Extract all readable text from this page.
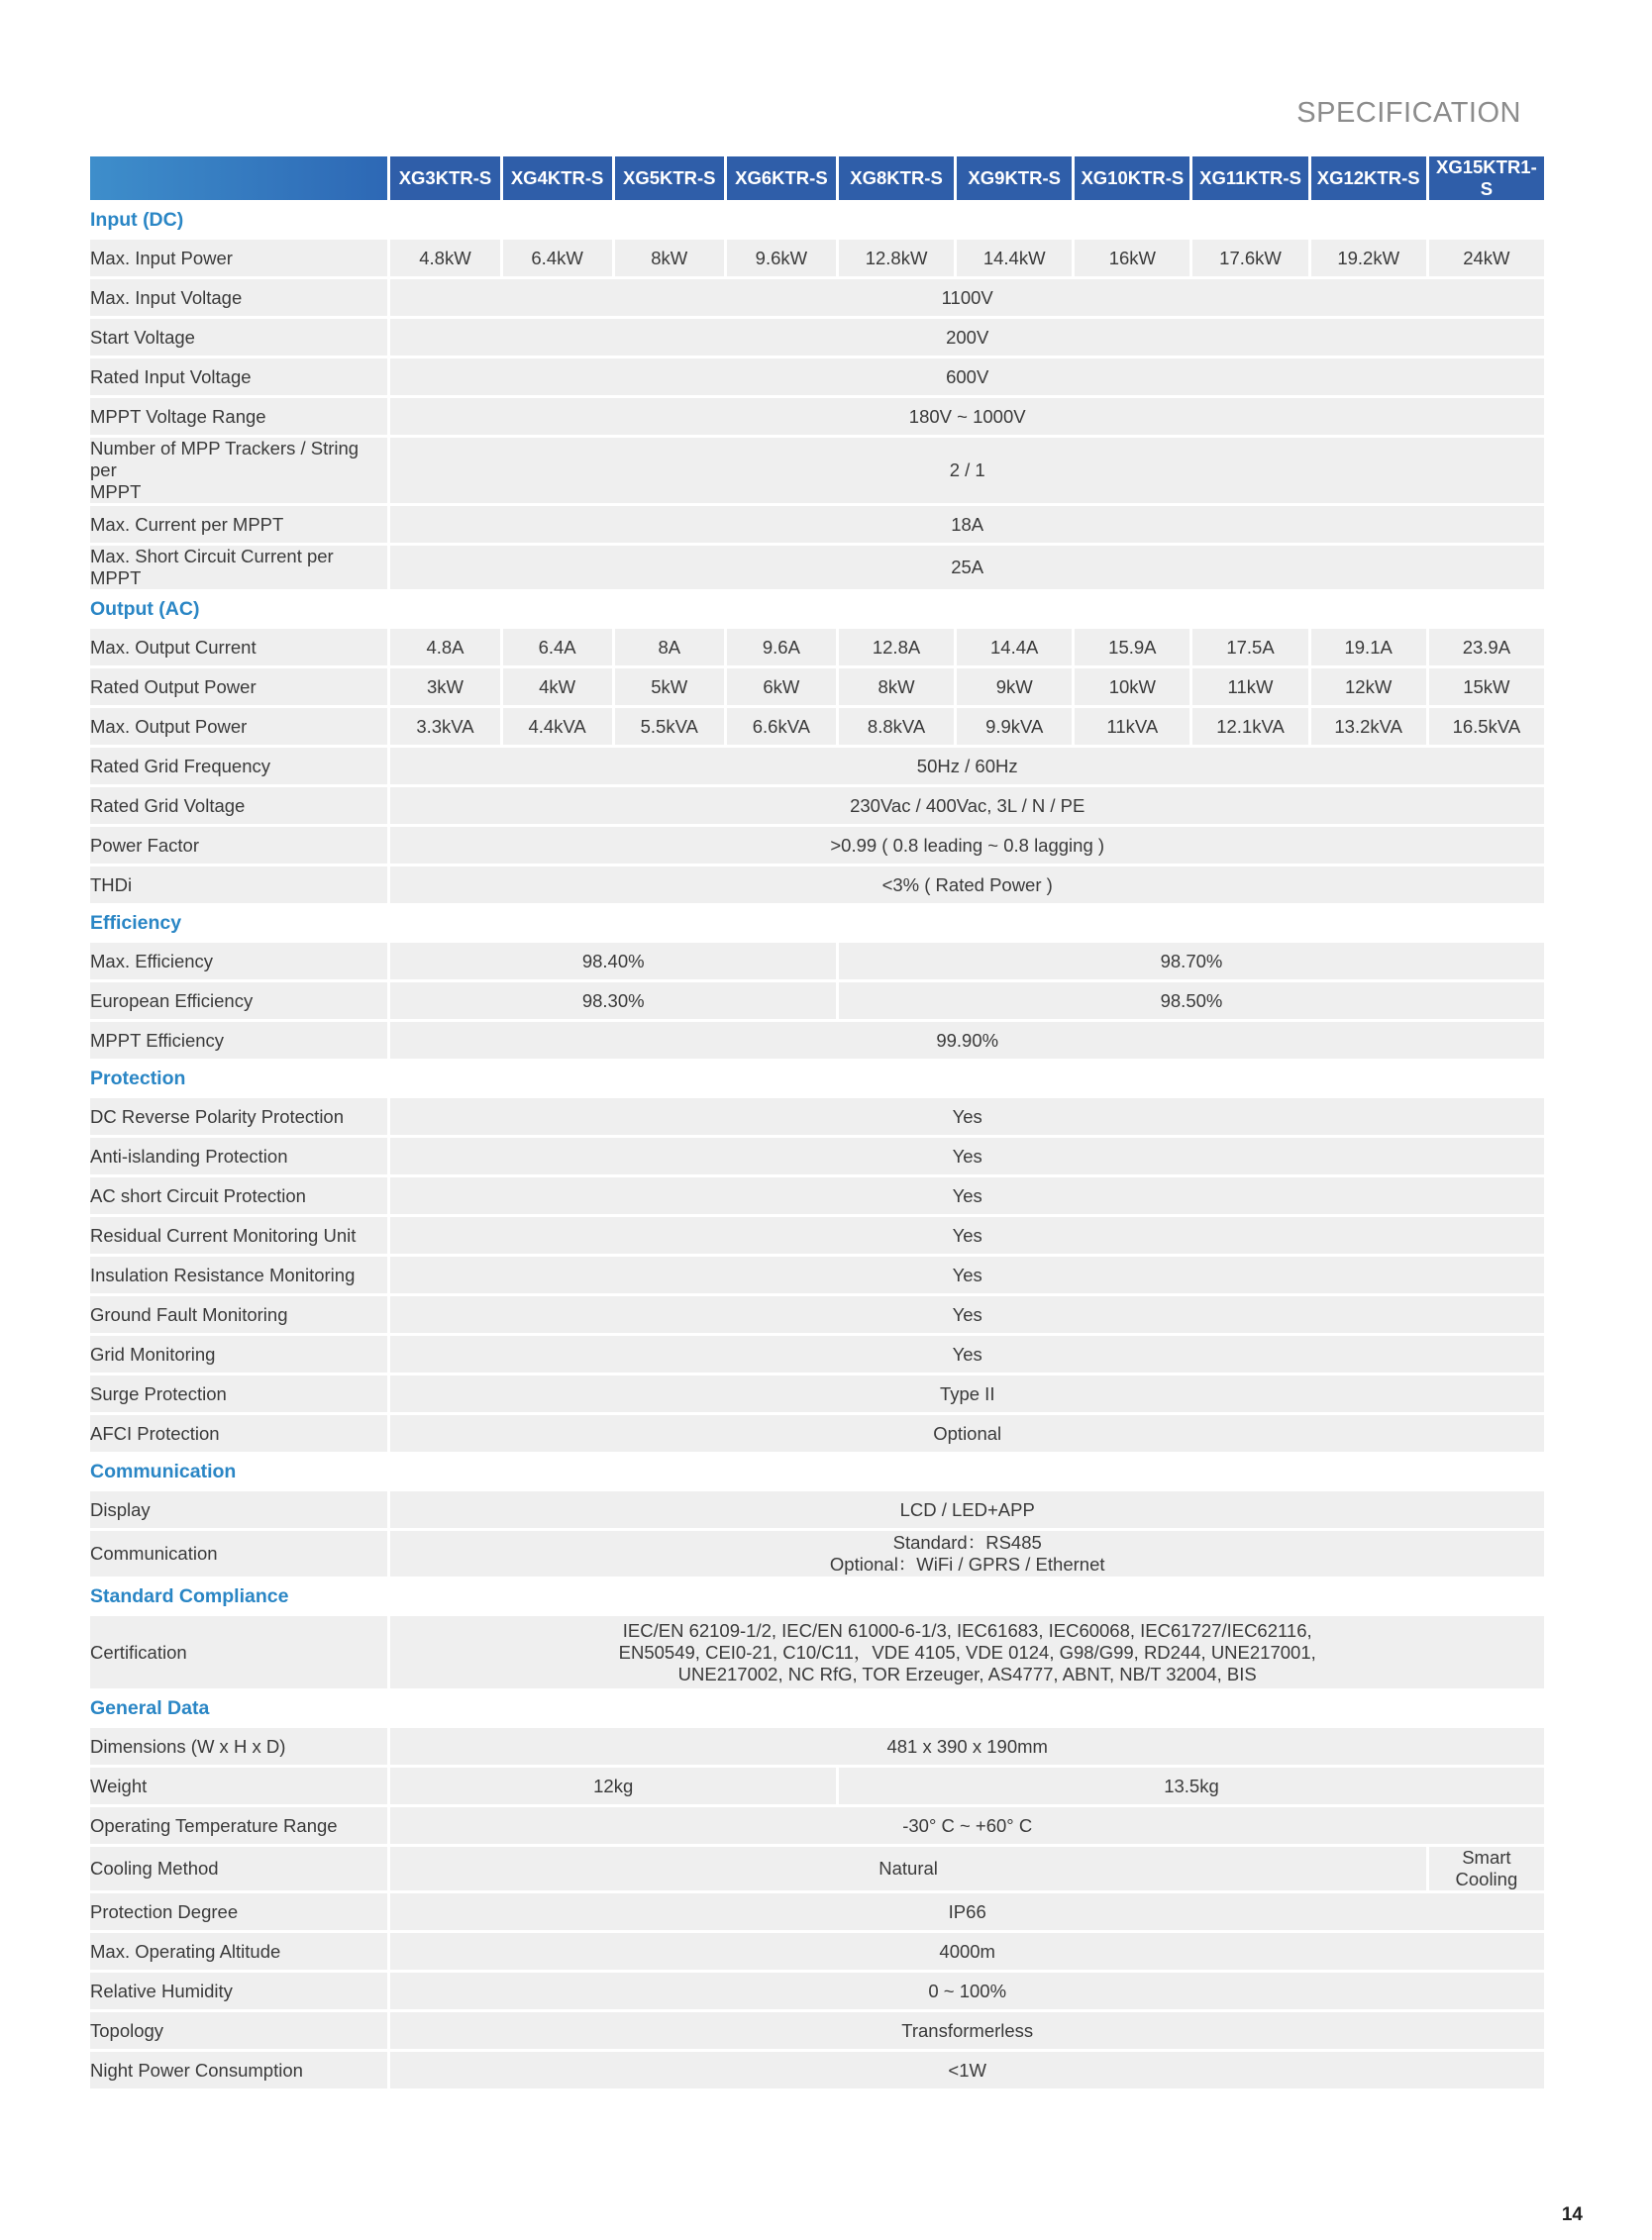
SPECIFICATION
	XG3KTR-S	XG4KTR-S	XG5KTR-S	XG6KTR-S	XG8KTR-S	XG9KTR-S	XG10KTR-S	XG11KTR-S	XG12KTR-S	XG15KTR1-S
Input (DC)										
Max. Input Power	4.8kW	6.4kW	8kW	9.6kW	12.8kW	14.4kW	16kW	17.6kW	19.2kW	24kW
Max. Input Voltage	1100V									
Start Voltage	200V									
Rated Input Voltage	600V									
MPPT Voltage Range	180V ~ 1000V									

Number of MPP Trackers / String per
MPPT	2 / 1									
Max. Current per MPPT	18A									
Max. Short Circuit Current per MPPT	25A									
Output (AC)										
Max. Output Current	4.8A	6.4A	8A	9.6A	12.8A	14.4A	15.9A	17.5A	19.1A	23.9A
Rated Output Power	3kW	4kW	5kW	6kW	8kW	9kW	10kW	11kW	12kW	15kW
Max. Output Power	3.3kVA	4.4kVA	5.5kVA	6.6kVA	8.8kVA	9.9kVA	11kVA	12.1kVA	13.2kVA	16.5kVA
Rated Grid Frequency	50Hz / 60Hz									
Rated Grid Voltage	230Vac / 400Vac, 3L / N / PE									
Power Factor	>0.99 ( 0.8 leading ~ 0.8 lagging )									
THDi	<3% ( Rated Power )									
Efficiency										
Max. Efficiency	98.40%				98.70%					
European Efficiency	98.30%				98.50%					
MPPT Efficiency	99.90%									
Protection										
DC Reverse Polarity Protection	Yes									
Anti-islanding Protection	Yes									
AC short Circuit Protection	Yes									
Residual Current Monitoring Unit	Yes									
Insulation Resistance Monitoring	Yes									
Ground Fault Monitoring	Yes									
Grid Monitoring	Yes									
Surge Protection	Type II									
AFCI Protection	Optional									
Communication										
Display	LCD / LED+APP									
Communication	Standard：RS485
Optional：WiFi / GPRS / Ethernet									

Standard Compliance										
Certification	IEC/EN 62109-1/2, IEC/EN 61000-6-1/3, IEC61683, IEC60068, IEC61727/IEC62116,
EN50549, CEI0-21, C10/C11，VDE 4105, VDE 0124, G98/G99, RD244, UNE217001,
UNE217002, NC RfG, TOR Erzeuger, AS4777, ABNT, NB/T 32004, BIS									

General Data										
Dimensions (W x H x D)	481 x 390 x 190mm									
Weight	12kg				13.5kg					
Operating Temperature Range	-30° C ~ +60° C									
Cooling Method	Natural									Smart Cooling
Protection Degree	IP66									
Max. Operating Altitude	4000m									
Relative Humidity	0 ~ 100%									
Topology	Transformerless									
Night Power Consumption	<1W									
14
